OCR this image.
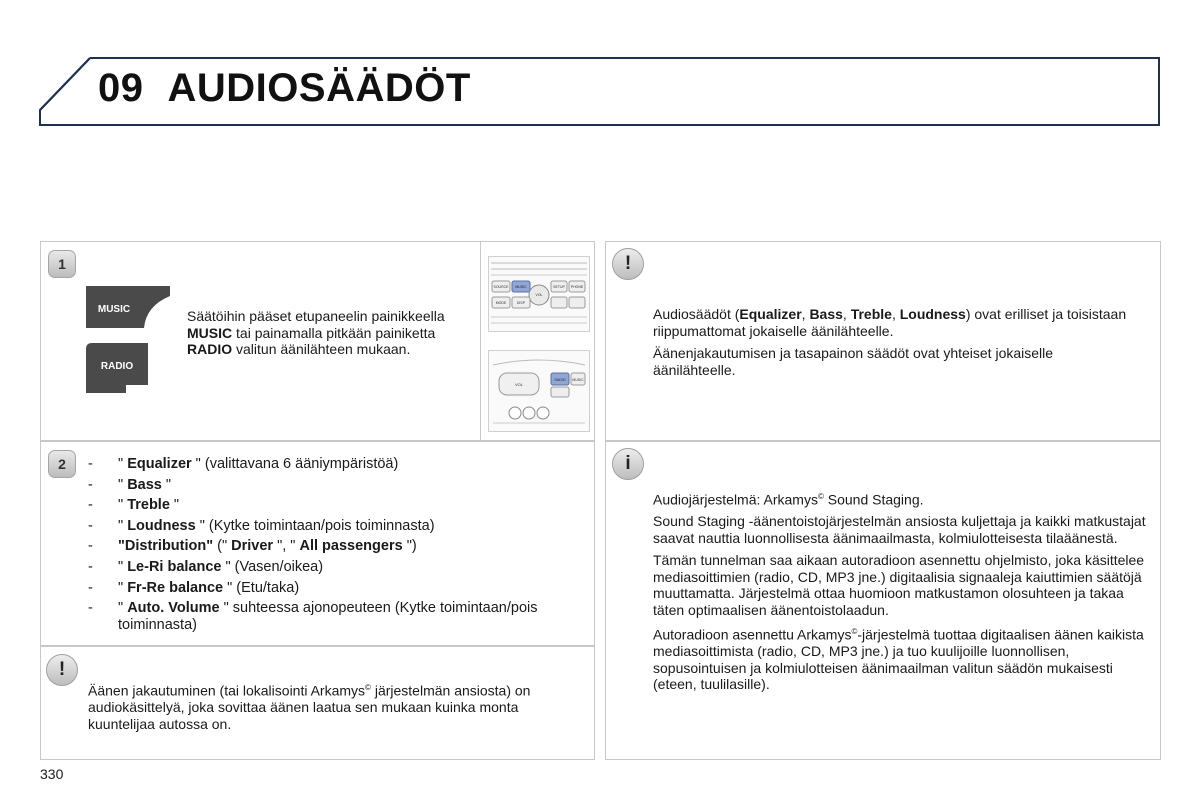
09 AUDIOSÄÄDÖT
1
MUSIC
RADIO
Säätöihin pääset etupaneelin painikkeella MUSIC tai painamalla pitkään painiketta RADIO valitun äänilähteen mukaan.
SOURCE MUSIC	SETUP PHONE
MODE	DISP
VOL
VOL
RADIO MUSIC
2
-	" Equalizer " (valittavana 6 ääniympäristöä)
- " Bass "
- " Treble "
- " Loudness " (Kytke toimintaan/pois toiminnasta)
- "Distribution" (" Driver ", " All passengers ")
- " Le-Ri balance " (Vasen/oikea)
- " Fr-Re balance " (Etu/taka)
- " Auto. Volume " suhteessa ajonopeuteen (Kytke toimintaan/pois toiminnasta)
!
Äänen jakautuminen (tai lokalisointi Arkamys© järjestelmän ansiosta) on audiokäsittelyä, joka sovittaa äänen laatua sen mukaan kuinka monta kuuntelijaa autossa on.
!

Audiosäädöt (Equalizer, Bass, Treble, Loudness) ovat erilliset ja toisistaan riippumattomat jokaiselle äänilähteelle.

Äänenjakautumisen ja tasapainon säädöt ovat yhteiset jokaiselle äänilähteelle.

i

Audiojärjestelmä: Arkamys© Sound Staging.

Sound Staging -äänentoistojärjestelmän ansiosta kuljettaja ja kaikki matkustajat saavat nauttia luonnollisesta äänimaailmasta, kolmiulotteisesta tilaäänestä.

Tämän tunnelman saa aikaan autoradioon asennettu ohjelmisto, joka käsittelee mediasoittimien (radio, CD, MP3 jne.) digitaalisia signaaleja kaiuttimien säätöjä muuttamatta. Järjestelmä ottaa huomioon matkustamon olosuhteen ja takaa täten optimaalisen äänentoistolaadun.

Autoradioon asennettu Arkamys©-järjestelmä tuottaa digitaalisen äänen kaikista mediasoittimista (radio, CD, MP3 jne.) ja tuo kuulijoille luonnollisen, sopusointuisen ja kolmiulotteisen äänimaailman valitun säädön mukaisesti (eteen, tuulilasille).

330
